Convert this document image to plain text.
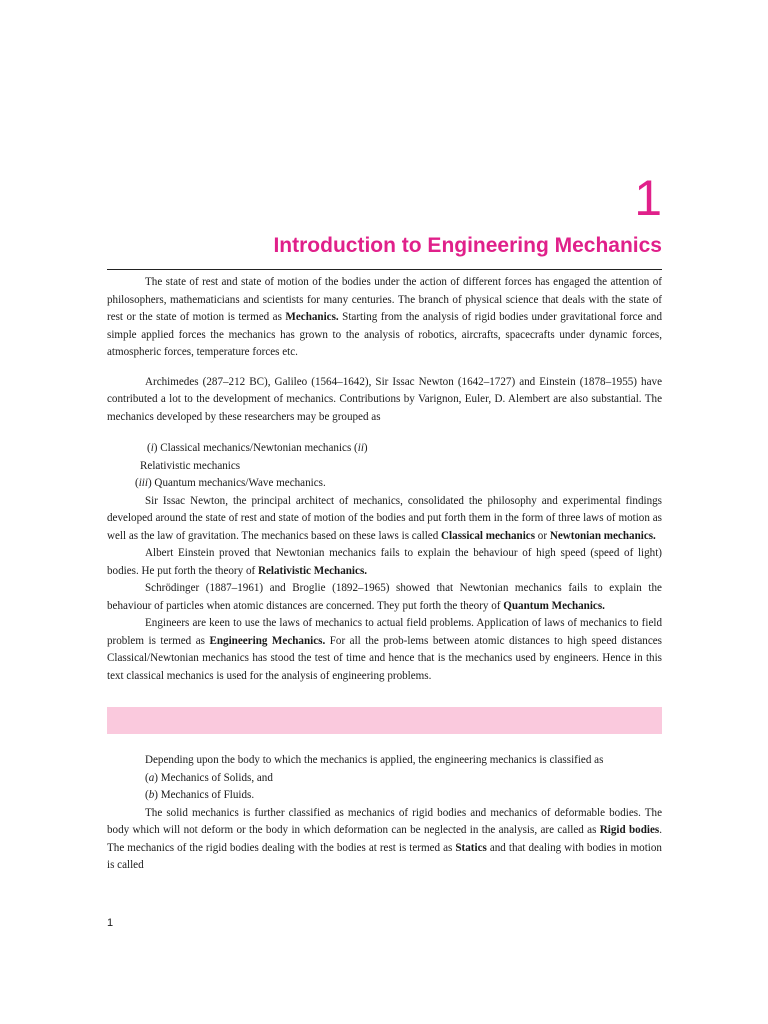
1
Introduction to Engineering Mechanics

The state of rest and state of motion of the bodies under the action of different forces has engaged the attention of philosophers, mathematicians and scientists for many centuries. The branch of physical science that deals with the state of rest or the state of motion is termed as Mechanics. Starting from the analysis of rigid bodies under gravitational force and simple applied forces the mechanics has grown to the analysis of robotics, aircrafts, spacecrafts under dynamic forces, atmospheric forces, temperature forces etc.

Archimedes (287–212 BC), Galileo (1564–1642), Sir Issac Newton (1642–1727) and Einstein (1878–1955) have contributed a lot to the development of mechanics. Contributions by Varignon, Euler, D. Alembert are also substantial. The mechanics developed by these researchers may be grouped as

(i) Classical mechanics/Newtonian mechanics (ii)

Relativistic mechanics

(iii) Quantum mechanics/Wave mechanics.

Sir Issac Newton, the principal architect of mechanics, consolidated the philosophy and experimental findings developed around the state of rest and state of motion of the bodies and put forth them in the form of three laws of motion as well as the law of gravitation. The mechanics based on these laws is called Classical mechanics or Newtonian mechanics.

Albert Einstein proved that Newtonian mechanics fails to explain the behaviour of high speed (speed of light) bodies. He put forth the theory of Relativistic Mechanics.

Schrödinger (1887–1961) and Broglie (1892–1965) showed that Newtonian mechanics fails to explain the behaviour of particles when atomic distances are concerned. They put forth the theory of Quantum Mechanics.

Engineers are keen to use the laws of mechanics to actual field problems. Application of laws of mechanics to field problem is termed as Engineering Mechanics. For all the prob-lems between atomic distances to high speed distances Classical/Newtonian mechanics has stood the test of time and hence that is the mechanics used by engineers. Hence in this text classical mechanics is used for the analysis of engineering problems.

Depending upon the body to which the mechanics is applied, the engineering mechanics is classified as

(a) Mechanics of Solids, and

(b) Mechanics of Fluids.

The solid mechanics is further classified as mechanics of rigid bodies and mechanics of deformable bodies. The body which will not deform or the body in which deformation can be neglected in the analysis, are called as Rigid bodies. The mechanics of the rigid bodies dealing with the bodies at rest is termed as Statics and that dealing with bodies in motion is called

1
